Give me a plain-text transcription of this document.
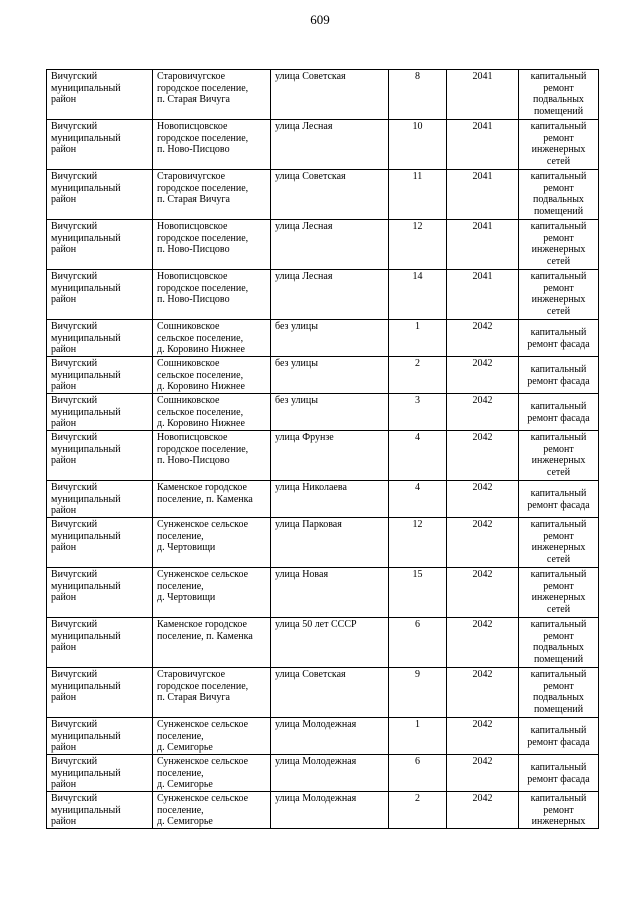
609
Вичугский
муниципальный
район	Старовичугское
городское поселение,
п. Старая Вичуга	улица Советская	8	2041	капитальный
ремонт
подвальных
помещений

Вичугский
муниципальный
район	Новописцовское
городское поселение,
п. Ново-Писцово	улица Лесная	10	2041	капитальный
ремонт
инженерных
сетей

Вичугский
муниципальный
район	Старовичугское
городское поселение,
п. Старая Вичуга	улица Советская	11	2041	капитальный
ремонт
подвальных
помещений

Вичугский
муниципальный
район	Новописцовское
городское поселение,
п. Ново-Писцово	улица Лесная	12	2041	капитальный
ремонт
инженерных
сетей

Вичугский
муниципальный
район	Новописцовское
городское поселение,
п. Ново-Писцово	улица Лесная	14	2041	капитальный
ремонт
инженерных
сетей

Вичугский
муниципальный
район	Сошниковское
сельское поселение,
д. Коровино Нижнее	без улицы	1	2042	капитальный
ремонт фасада

Вичугский
муниципальный
район	Сошниковское
сельское поселение,
д. Коровино Нижнее	без улицы	2	2042	капитальный
ремонт фасада

Вичугский
муниципальный
район	Сошниковское
сельское поселение,
д. Коровино Нижнее	без улицы	3	2042	капитальный
ремонт фасада

Вичугский
муниципальный
район	Новописцовское
городское поселение,
п. Ново-Писцово	улица Фрунзе	4	2042	капитальный
ремонт
инженерных
сетей

Вичугский
муниципальный
район	Каменское городское
поселение, п. Каменка	улица Николаева	4	2042	капитальный
ремонт фасада

Вичугский
муниципальный
район	Сунженское сельское
поселение,
д. Чертовищи	улица Парковая	12	2042	капитальный
ремонт
инженерных
сетей

Вичугский
муниципальный
район	Сунженское сельское
поселение,
д. Чертовищи	улица Новая	15	2042	капитальный
ремонт
инженерных
сетей

Вичугский
муниципальный
район	Каменское городское
поселение, п. Каменка	улица 50 лет СССР	6	2042	капитальный
ремонт
подвальных
помещений

Вичугский
муниципальный
район	Старовичугское
городское поселение,
п. Старая Вичуга	улица Советская	9	2042	капитальный
ремонт
подвальных
помещений

Вичугский
муниципальный
район	Сунженское сельское
поселение,
д. Семигорье	улица Молодежная	1	2042	капитальный
ремонт фасада

Вичугский
муниципальный
район	Сунженское сельское
поселение,
д. Семигорье	улица Молодежная	6	2042	капитальный
ремонт фасада

Вичугский
муниципальный
район	Сунженское сельское
поселение,
д. Семигорье	улица Молодежная	2	2042	капитальный
ремонт
инженерных
